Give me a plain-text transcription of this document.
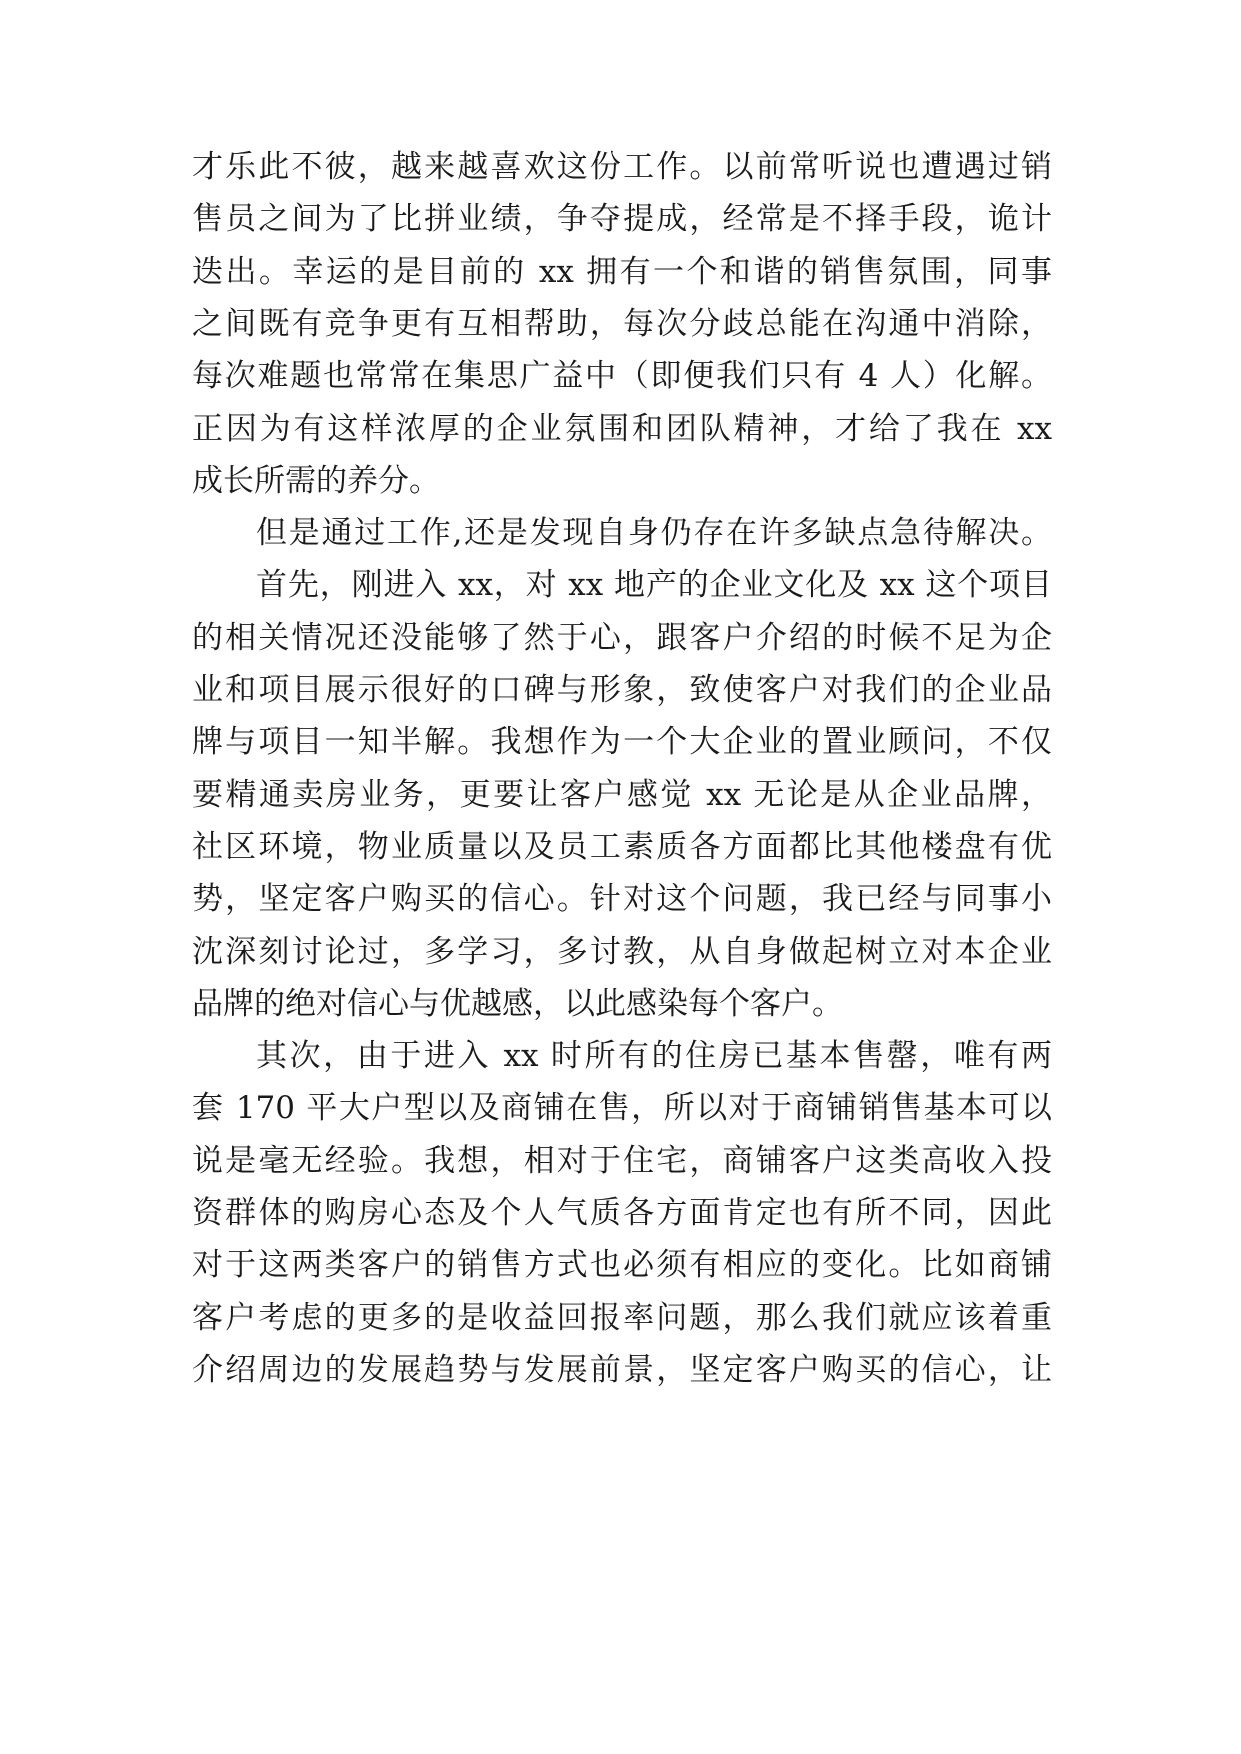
才乐此不彼，越来越喜欢这份工作。以前常听说也遭遇过销
售员之间为了比拼业绩，争夺提成，经常是不择手段，诡计
迭出。幸运的是目前的 xx 拥有一个和谐的销售氛围，同事
之间既有竞争更有互相帮助，每次分歧总能在沟通中消除，
每次难题也常常在集思广益中（即便我们只有 4 人）化解。
正因为有这样浓厚的企业氛围和团队精神，才给了我在 xx
成长所需的养分。
但是通过工作,还是发现自身仍存在许多缺点急待解决。
首先，刚进入 xx，对 xx 地产的企业文化及 xx 这个项目
的相关情况还没能够了然于心，跟客户介绍的时候不足为企
业和项目展示很好的口碑与形象，致使客户对我们的企业品
牌与项目一知半解。我想作为一个大企业的置业顾问，不仅
要精通卖房业务，更要让客户感觉 xx 无论是从企业品牌，
社区环境，物业质量以及员工素质各方面都比其他楼盘有优
势，坚定客户购买的信心。针对这个问题，我已经与同事小
沈深刻讨论过，多学习，多讨教，从自身做起树立对本企业
品牌的绝对信心与优越感，以此感染每个客户。
其次，由于进入 xx 时所有的住房已基本售罄，唯有两
套 170 平大户型以及商铺在售，所以对于商铺销售基本可以
说是毫无经验。我想，相对于住宅，商铺客户这类高收入投
资群体的购房心态及个人气质各方面肯定也有所不同，因此
对于这两类客户的销售方式也必须有相应的变化。比如商铺
客户考虑的更多的是收益回报率问题，那么我们就应该着重
介绍周边的发展趋势与发展前景，坚定客户购买的信心，让
